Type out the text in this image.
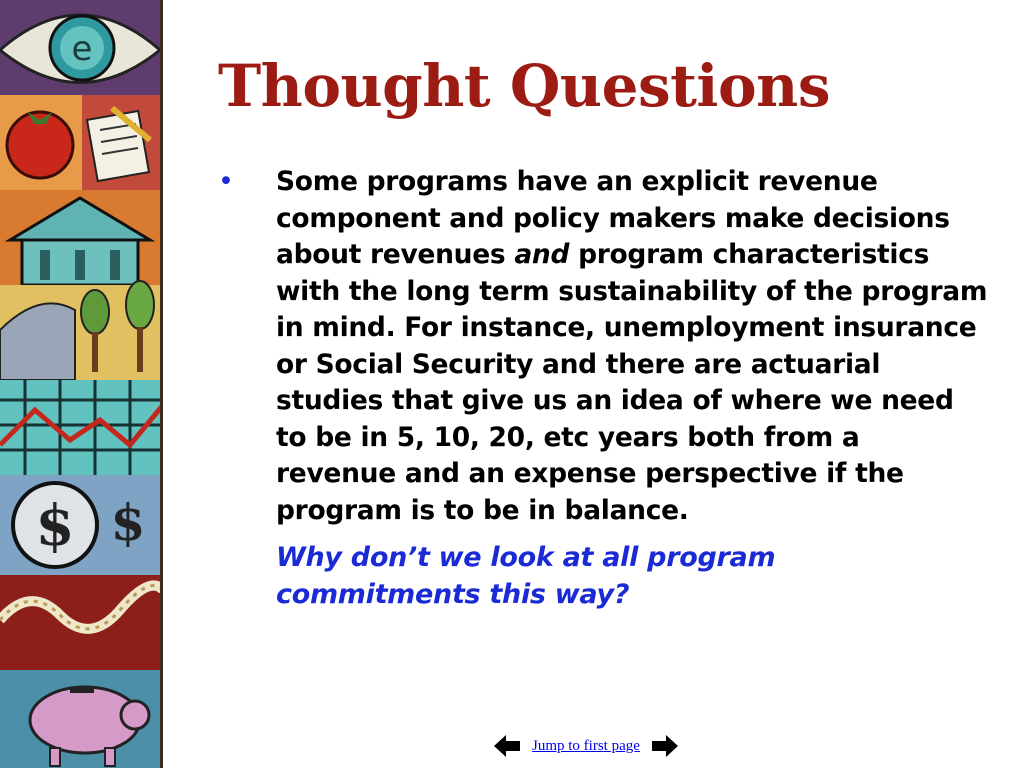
e
$ $
Thought Questions
• Some programs have an explicit revenue component and policy makers make decisions about revenues and program characteristics with the long term sustainability of the program in mind. For instance, unemployment insurance or Social Security and there are actuarial studies that give us an idea of where we need to be in 5, 10, 20, etc years both from a revenue and an expense perspective if the program is to be in balance.
Why don’t we look at all program commitments this way?
Jump to first page
